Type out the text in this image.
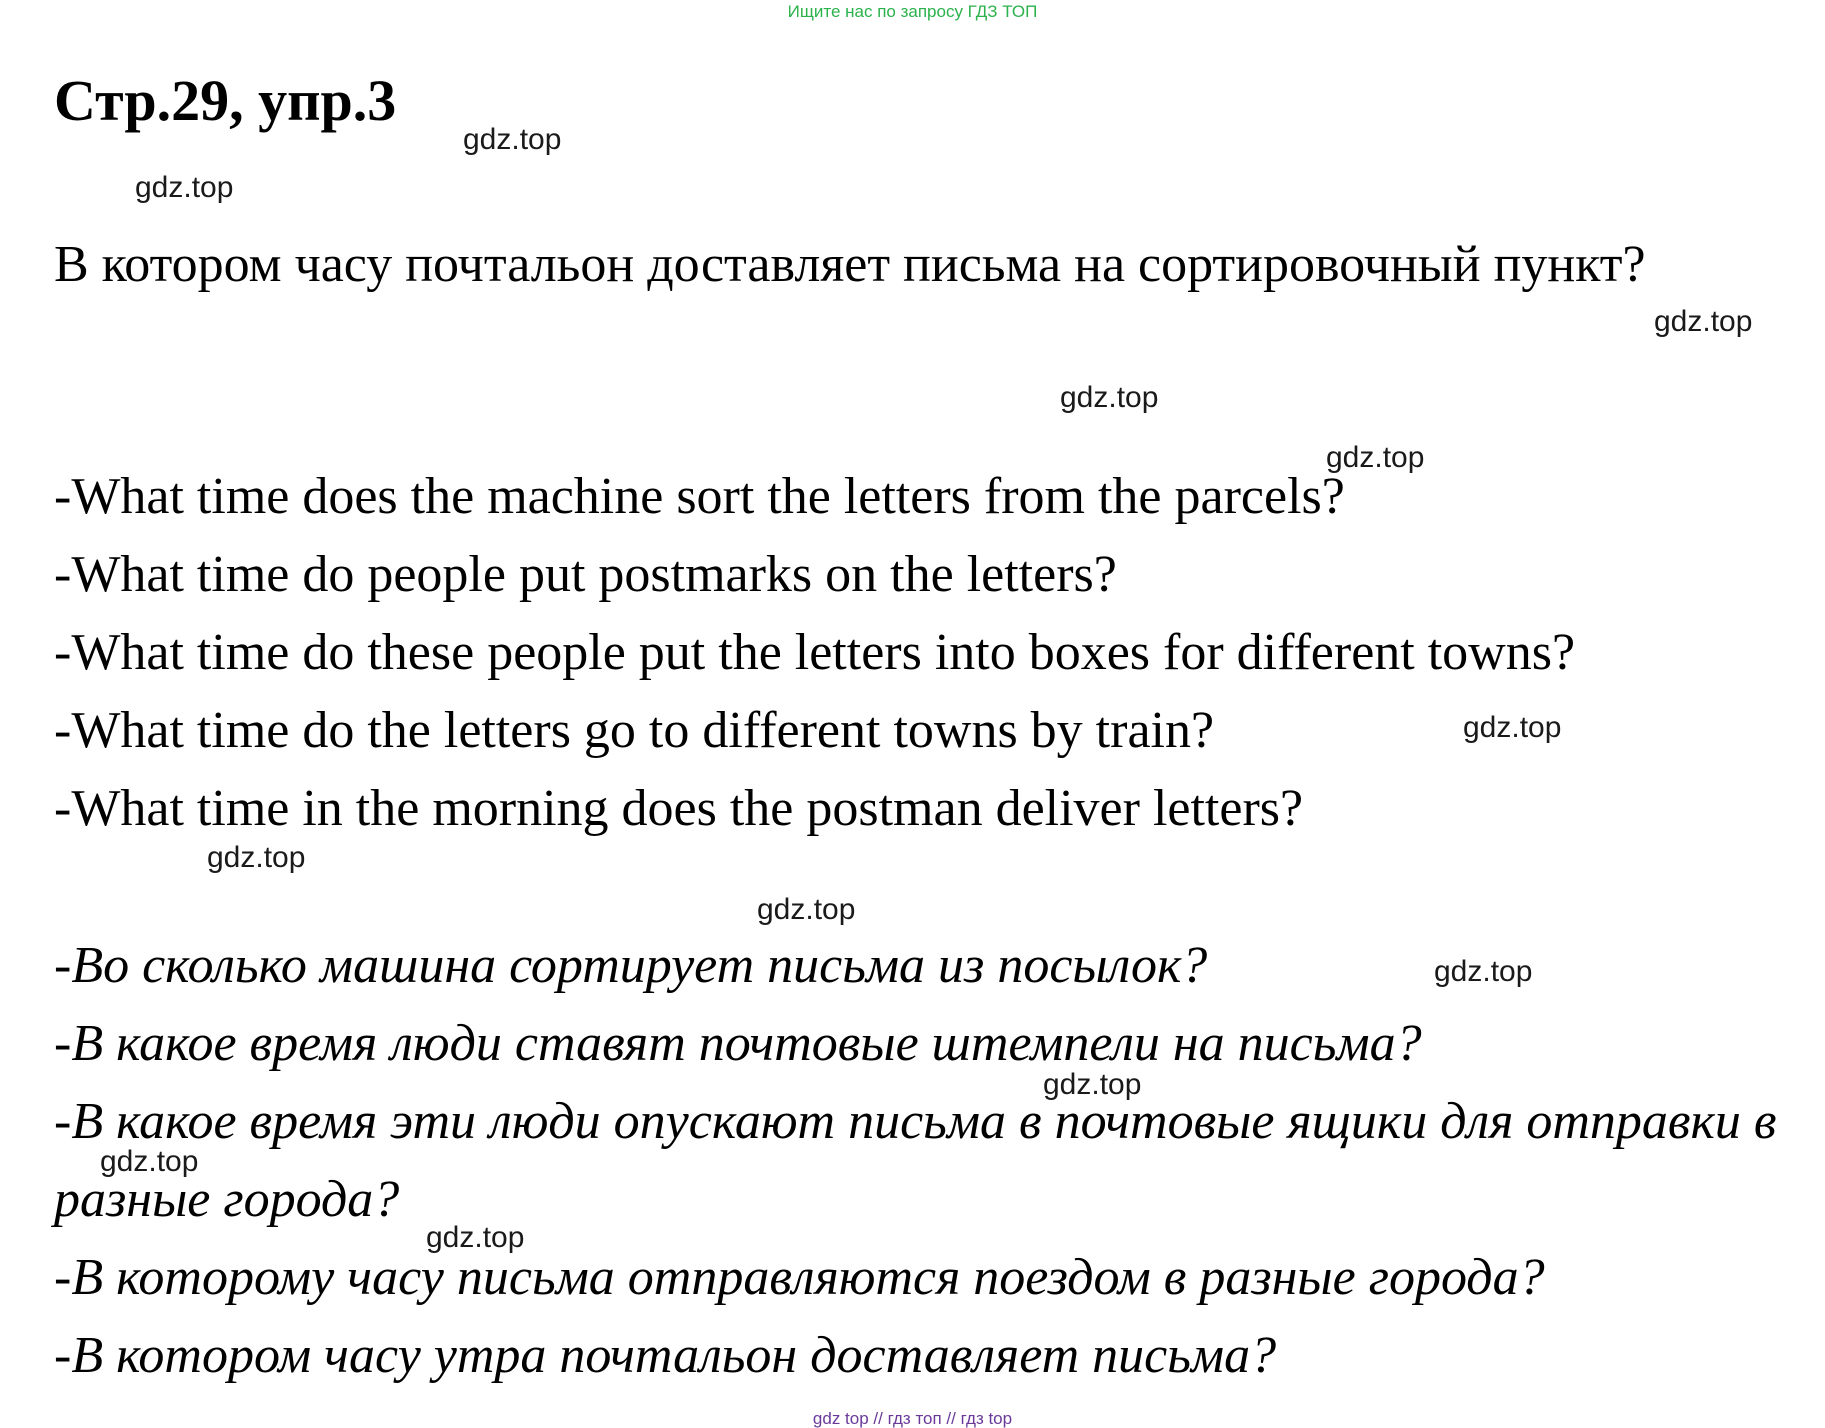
Ищите нас по запросу ГДЗ ТОП
Стр.29, упр.3
В котором часу почтальон доставляет письма на сортировочный пункт?
-What time does the machine sort the letters from the parcels?
-What time do people put postmarks on the letters?
-What time do these people put the letters into boxes for different towns?
-What time do the letters go to different towns by train?
-What time in the morning does the postman deliver letters?
-Во сколько машина сортирует письма из посылок?
-В какое время люди ставят почтовые штемпели на письма?
-В какое время эти люди опускают письма в почтовые ящики для отправки в разные города?
-В которому часу письма отправляются поездом в разные города?
-В котором часу утра почтальон доставляет письма?
gdz.top
gdz.top
gdz.top
gdz.top
gdz.top
gdz.top
gdz.top
gdz.top
gdz.top
gdz.top
gdz.top
gdz.top
gdz top // гдз топ // гдз top
